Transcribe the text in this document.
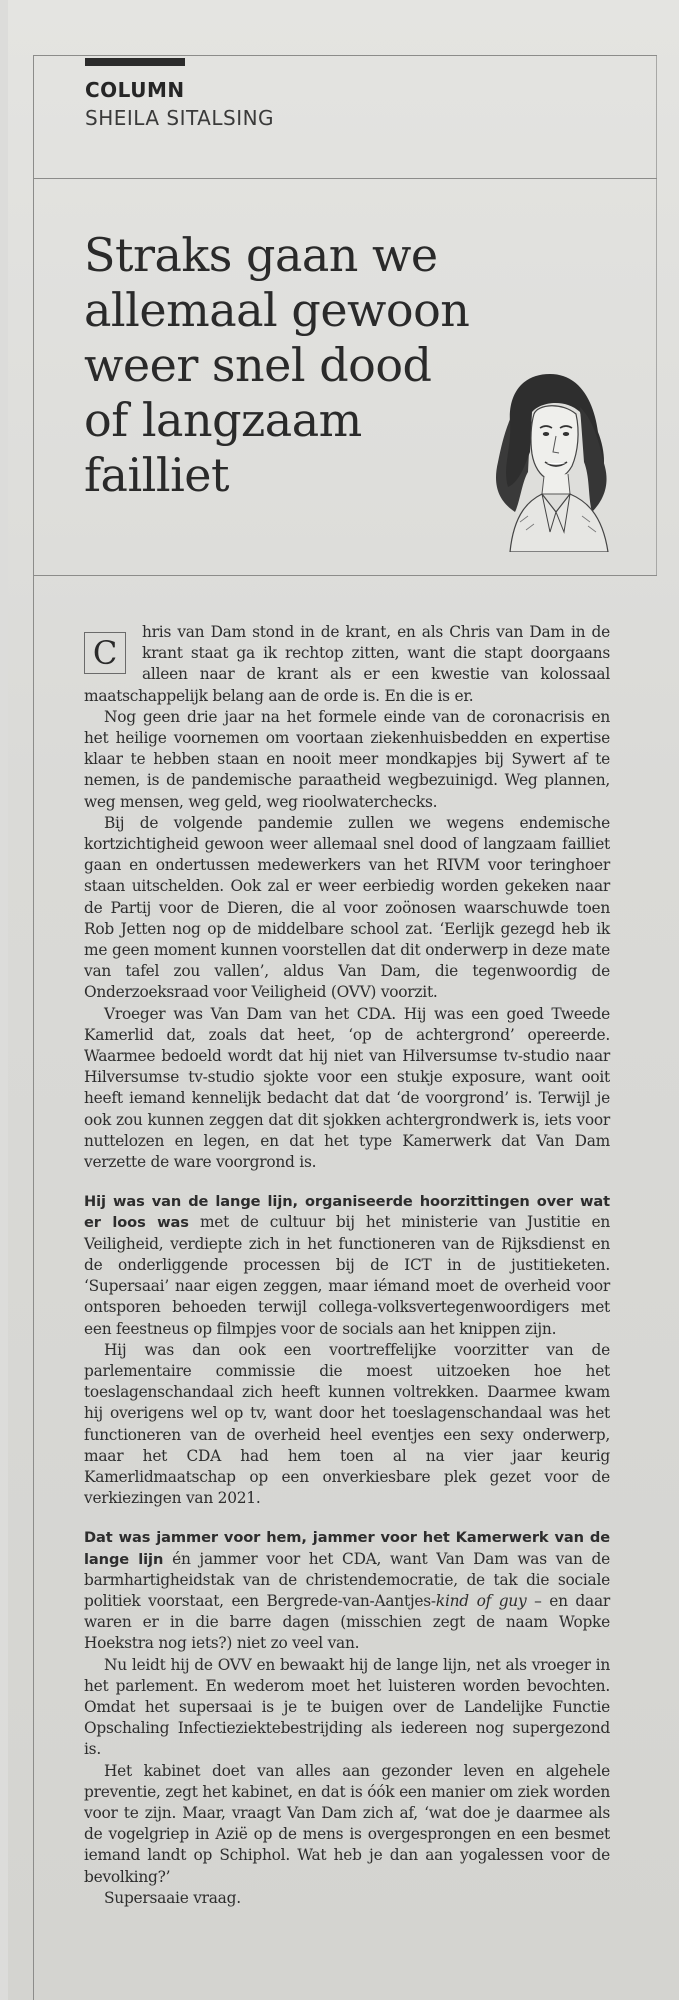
COLUMN
SHEILA SITALSING
Straks gaan we
allemaal gewoon
weer snel dood
of langzaam
failliet
C

hris van Dam stond in de krant, en als Chris van Dam in de krant staat ga ik rechtop zitten, want die stapt doorgaans alleen naar de krant als er een kwestie van kolossaal maatschappelijk belang aan de orde is. En die is er.

Nog geen drie jaar na het formele einde van de coronacrisis en het heilige voornemen om voortaan ziekenhuisbedden en expertise klaar te hebben staan en nooit meer mondkapjes bij Sywert af te nemen, is de pandemische paraatheid wegbezuinigd. Weg plannen, weg mensen, weg geld, weg rioolwaterchecks.

Bij de volgende pandemie zullen we wegens endemische kortzichtigheid gewoon weer allemaal snel dood of langzaam failliet gaan en ondertussen medewerkers van het RIVM voor teringhoer staan uitschelden. Ook zal er weer eerbiedig worden gekeken naar de Partij voor de Dieren, die al voor zoönosen waarschuwde toen Rob Jetten nog op de middelbare school zat. ‘Eerlijk gezegd heb ik me geen moment kunnen voorstellen dat dit onderwerp in deze mate van tafel zou vallen’, aldus Van Dam, die tegenwoordig de Onderzoeksraad voor Veiligheid (OVV) voorzit.

Vroeger was Van Dam van het CDA. Hij was een goed Tweede Kamerlid dat, zoals dat heet, ‘op de achtergrond’ opereerde. Waarmee bedoeld wordt dat hij niet van Hilversumse tv-studio naar Hilversumse tv-studio sjokte voor een stukje exposure, want ooit heeft iemand kennelijk bedacht dat dat ‘de voorgrond’ is. Terwijl je ook zou kunnen zeggen dat dit sjokken achtergrondwerk is, iets voor nuttelozen en legen, en dat het type Kamerwerk dat Van Dam verzette de ware voorgrond is.

Hij was van de lange lijn, organiseerde hoorzittingen over wat er loos was met de cultuur bij het ministerie van Justitie en Veiligheid, verdiepte zich in het functioneren van de Rijksdienst en de onderliggende processen bij de ICT in de justitieketen. ‘Supersaai’ naar eigen zeggen, maar iémand moet de overheid voor ontsporen behoeden terwijl collega-volksvertegenwoordigers met een feestneus op filmpjes voor de socials aan het knippen zijn.

Hij was dan ook een voortreffelijke voorzitter van de parlementaire commissie die moest uitzoeken hoe het toeslagenschandaal zich heeft kunnen voltrekken. Daarmee kwam hij overigens wel op tv, want door het toeslagenschandaal was het functioneren van de overheid heel eventjes een sexy onderwerp, maar het CDA had hem toen al na vier jaar keurig Kamerlidmaatschap op een onverkiesbare plek gezet voor de verkiezingen van 2021.

Dat was jammer voor hem, jammer voor het Kamerwerk van de lange lijn én jammer voor het CDA, want Van Dam was van de barmhartigheidstak van de christendemocratie, de tak die sociale politiek voorstaat, een Bergrede-van-Aantjes-kind of guy – en daar waren er in die barre dagen (misschien zegt de naam Wopke Hoekstra nog iets?) niet zo veel van.

Nu leidt hij de OVV en bewaakt hij de lange lijn, net als vroeger in het parlement. En wederom moet het luisteren worden bevochten. Omdat het supersaai is je te buigen over de Landelijke Functie Opschaling Infectieziektebestrijding als iedereen nog supergezond is.

Het kabinet doet van alles aan gezonder leven en algehele preventie, zegt het kabinet, en dat is óók een manier om ziek worden voor te zijn. Maar, vraagt Van Dam zich af, ‘wat doe je daarmee als de vogelgriep in Azië op de mens is overgesprongen en een besmet iemand landt op Schiphol. Wat heb je dan aan yogalessen voor de bevolking?’

Supersaaie vraag.
